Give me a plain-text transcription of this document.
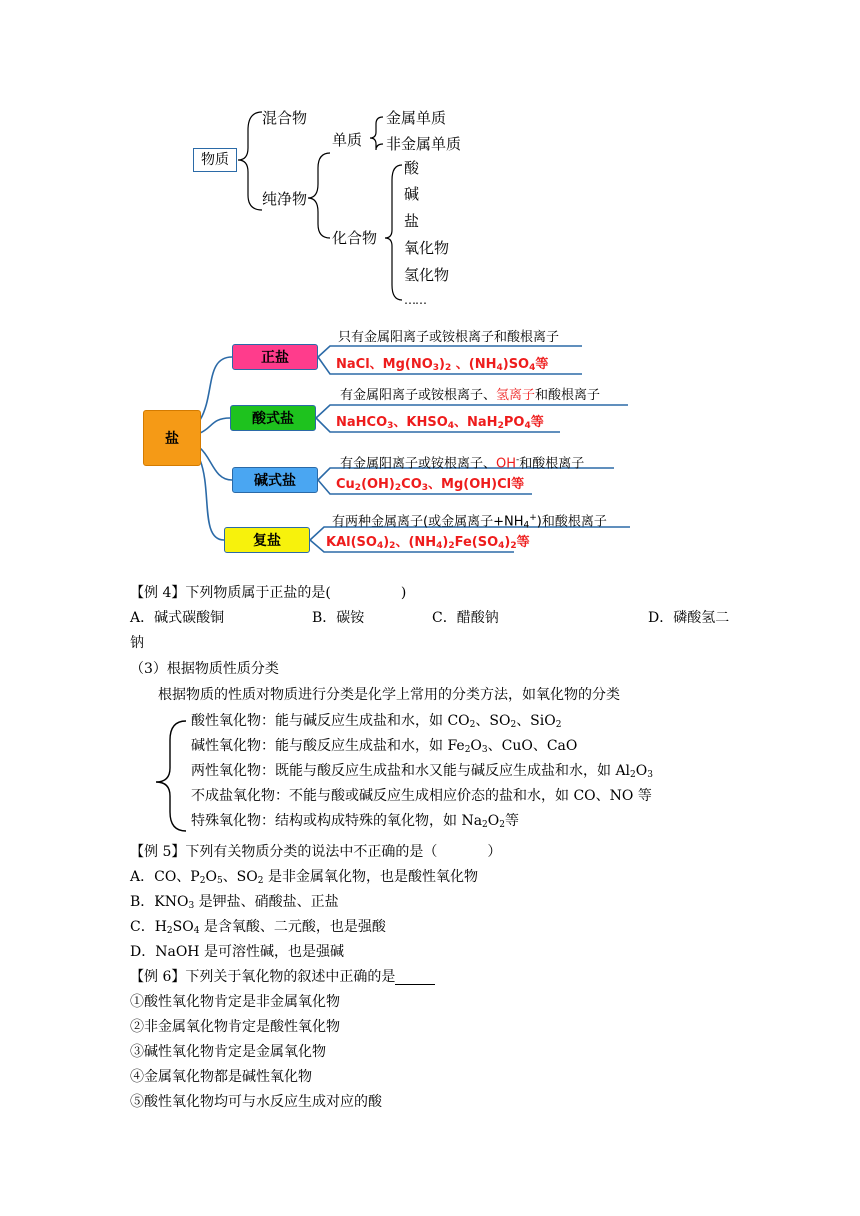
物质
混合物
纯净物
单质
金属单质
非金属单质
化合物
酸
碱
盐
氧化物
氢化物
……
盐
正盐
酸式盐
碱式盐
复盐
只有金属阳离子或铵根离子和酸根离子
NaCl、$Mg(NO_3)_2$ 、$(NH_4)SO_4$等
有金属阳离子或铵根离子、氢离子和酸根离子
NaHCO$_3$、$KHSO_4$、$NaH_2PO_4$等
有金属阳离子或铵根离子、OH-和酸根离子
$Cu_2(OH)_2CO_3$、Mg(OH)Cl等
有两种金属离子(或金属离子$+NH_4^+$)和酸根离子
$KAl(SO_4)_2$、$(NH_4)_2Fe(SO_4)_2$等
【例 4】下列物质属于正盐的是(	)
A．碱式碳酸铜	B．碳铵	C．醋酸钠	D．磷酸氢二
钠
（3）根据物质性质分类
根据物质的性质对物质进行分类是化学上常用的分类方法，如氧化物的分类
酸性氧化物：能与碱反应生成盐和水，如 $CO_2$、$SO_2$、SiO$_2$
碱性氧化物：能与酸反应生成盐和水，如 $Fe_2O_3$、CuO、CaO
两性氧化物：既能与酸反应生成盐和水又能与碱反应生成盐和水，如 $Al_2O_3$
不成盐氧化物：不能与酸或碱反应生成相应价态的盐和水，如 CO、NO 等
特殊氧化物：结构或构成特殊的氧化物，如 $Na_2O_2$等
【例 5】下列有关物质分类的说法中不正确的是（	）
A．CO、$P_2O_5$、$SO_2$ 是非金属氧化物，也是酸性氧化物
B．$KNO_3$ 是钾盐、硝酸盐、正盐
C．$H_2SO_4$ 是含氧酸、二元酸，也是强酸
D．NaOH 是可溶性碱，也是强碱
【例 6】下列关于氧化物的叙述中正确的是
①酸性氧化物肯定是非金属氧化物
②非金属氧化物肯定是酸性氧化物
③碱性氧化物肯定是金属氧化物
④金属氧化物都是碱性氧化物
⑤酸性氧化物均可与水反应生成对应的酸
